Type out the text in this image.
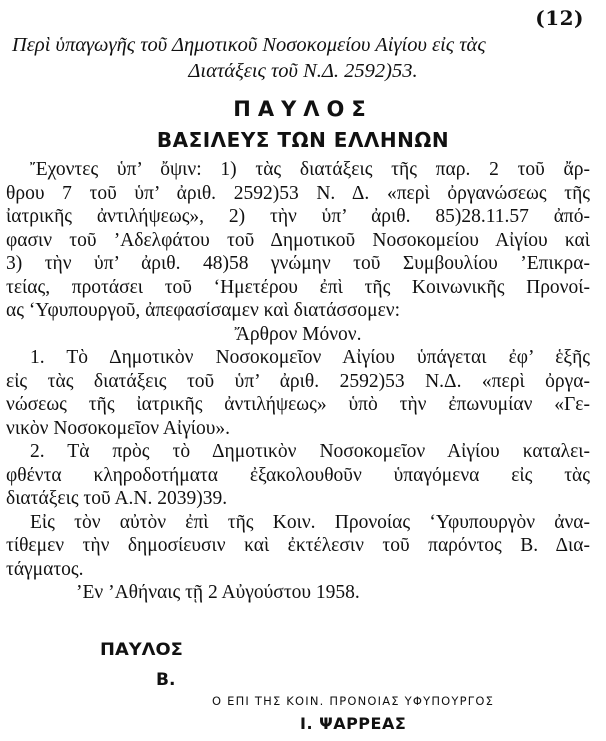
(12)
Περὶ ὑπαγωγῆς τοῦ Δημοτικοῦ Νοσοκομείου Αἰγίου εἰς τὰς
Διατάξεις τοῦ Ν.Δ. 2592)53.
ΠΑΥΛΟΣ
ΒΑΣΙΛΕΥΣ ΤΩΝ ΕΛΛΗΝΩΝ
Ἔχοντες ὑπ’ ὄψιν: 1) τὰς διατάξεις τῆς παρ. 2 τοῦ ἄρ-
θρου 7 τοῦ ὑπ’ ἀριθ. 2592)53 Ν. Δ. «περὶ ὀργανώσεως τῆς
ἰατρικῆς ἀντιλήψεως», 2) τὴν ὑπ’ ἀριθ. 85)28.11.57 ἀπό-
φασιν τοῦ ’Αδελφάτου τοῦ Δημοτικοῦ Νοσοκομείου Αἰγίου καὶ
3) τὴν ὑπ’ ἀριθ. 48)58 γνώμην τοῦ Συμβουλίου ’Επικρα-
τείας, προτάσει τοῦ ‘Ημετέρου ἐπὶ τῆς Κοινωνικῆς Προνοί-
ας ‘Υφυπουργοῦ, ἀπεφασίσαμεν καὶ διατάσσομεν:
Ἄρθρον Μόνον.
1. Τὸ Δημοτικὸν Νοσοκομεῖον Αἰγίου ὑπάγεται ἐφ’ ἑξῆς
εἰς τὰς διατάξεις τοῦ ὑπ’ ἀριθ. 2592)53 Ν.Δ. «περὶ ὀργα-
νώσεως τῆς ἰατρικῆς ἀντιλήψεως» ὑπὸ τὴν ἐπωνυμίαν «Γε-
νικὸν Νοσοκομεῖον Αἰγίου».
2. Τὰ πρὸς τὸ Δημοτικὸν Νοσοκομεῖον Αἰγίου καταλει-
φθέντα κληροδοτήματα ἐξακολουθοῦν ὑπαγόμενα εἰς τὰς
διατάξεις τοῦ Α.Ν. 2039)39.
Εἰς τὸν αὐτὸν ἐπὶ τῆς Κοιν. Προνοίας ‘Υφυπουργὸν ἀνα-
τίθεμεν τὴν δημοσίευσιν καὶ ἐκτέλεσιν τοῦ παρόντος Β. Δια-
τάγματος.
’Εν ’Αθήναις τῇ 2 Αὐγούστου 1958.
ΠΑΥΛΟΣ
Β.
Ο ΕΠΙ ΤΗΣ ΚΟΙΝ. ΠΡΟΝΟΙΑΣ ΥΦΥΠΟΥΡΓΟΣ
Ι. ΨΑΡΡΕΑΣ
